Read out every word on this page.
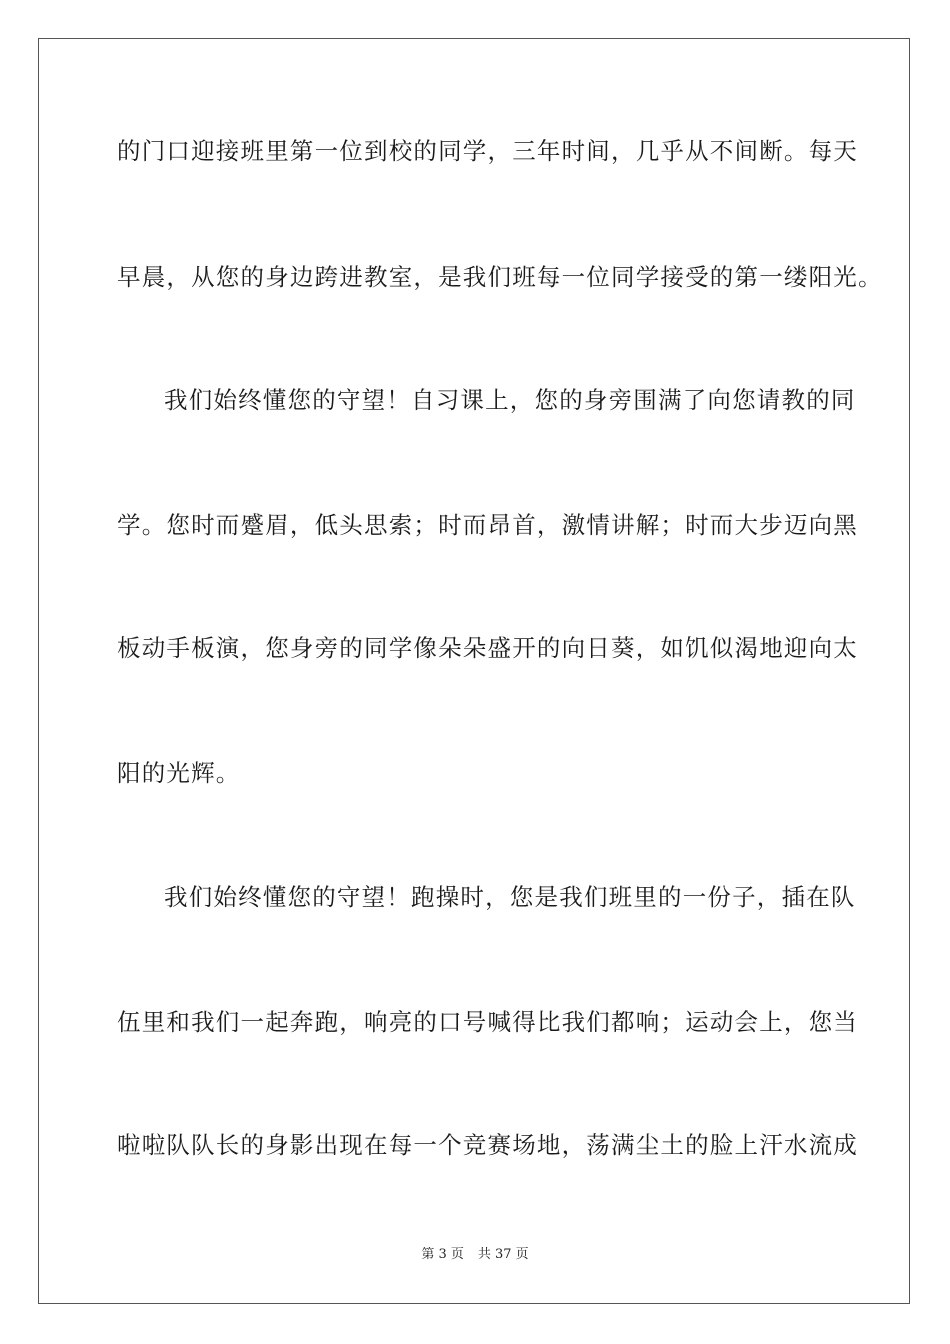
的门口迎接班里第一位到校的同学，三年时间，几乎从不间断。每天
早晨，从您的身边跨进教室，是我们班每一位同学接受的第一缕阳光。
我们始终懂您的守望！自习课上，您的身旁围满了向您请教的同
学。您时而蹙眉，低头思索；时而昂首，激情讲解；时而大步迈向黑
板动手板演，您身旁的同学像朵朵盛开的向日葵，如饥似渴地迎向太
阳的光辉。
我们始终懂您的守望！跑操时，您是我们班里的一份子，插在队
伍里和我们一起奔跑，响亮的口号喊得比我们都响；运动会上，您当
啦啦队队长的身影出现在每一个竞赛场地，荡满尘土的脸上汗水流成
第 3 页 共 37 页
